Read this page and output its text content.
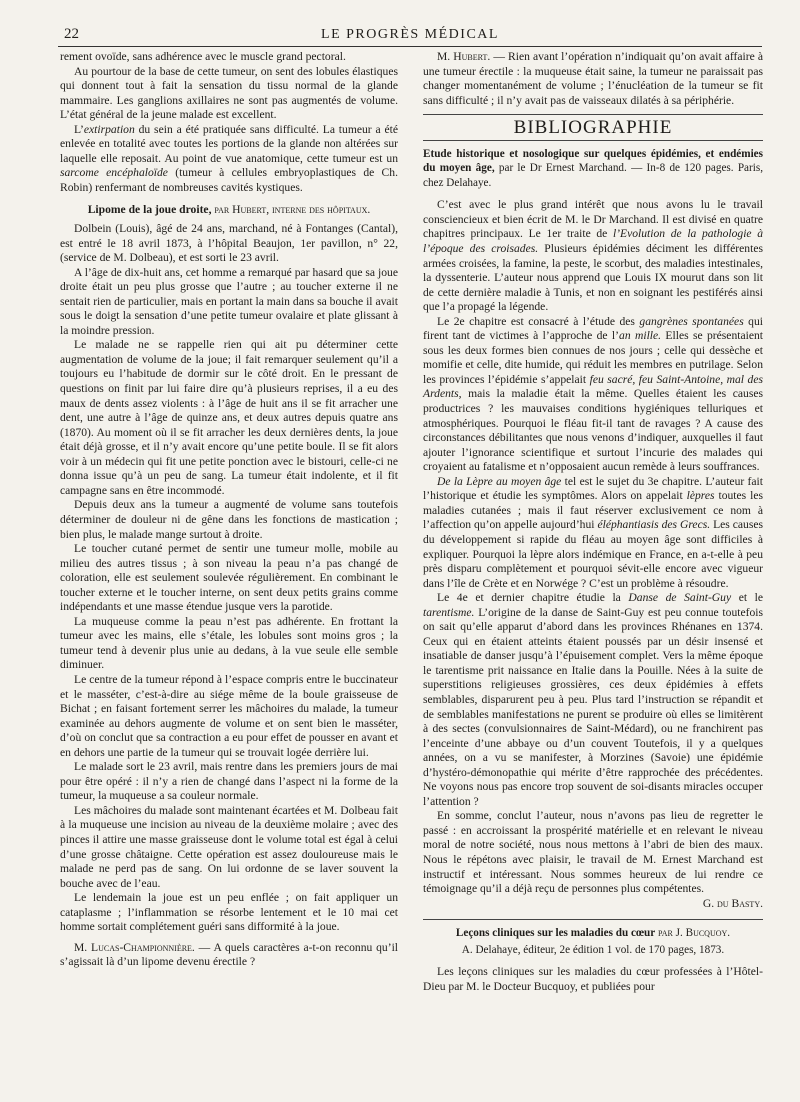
22	LE PROGRÈS MÉDICAL

rement ovoïde, sans adhérence avec le muscle grand pectoral.

Au pourtour de la base de cette tumeur, on sent des lobules élastiques qui donnent tout à fait la sensation du tissu normal de la glande mammaire. Les ganglions axillaires ne sont pas augmentés de volume. L’état général de la jeune malade est excellent.

L’extirpation du sein a été pratiquée sans difficulté. La tumeur a été enlevée en totalité avec toutes les portions de la glande non altérées sur laquelle elle reposait. Au point de vue anatomique, cette tumeur est un sarcome encéphaloïde (tumeur à cellules embryoplastiques de Ch. Robin) renfermant de nombreuses cavités kystiques.

Lipome de la joue droite, par Hubert, interne des hôpitaux.

Dolbein (Louis), âgé de 24 ans, marchand, né à Fontanges (Cantal), est entré le 18 avril 1873, à l’hôpital Beaujon, 1er pavillon, n° 22, (service de M. Dolbeau), et est sorti le 23 avril.

A l’âge de dix-huit ans, cet homme a remarqué par hasard que sa joue droite était un peu plus grosse que l’autre ; au toucher externe il ne sentait rien de particulier, mais en portant la main dans sa bouche il avait sous le doigt la sensation d’une petite tumeur ovalaire et plate glissant à la moindre pression.

Le malade ne se rappelle rien qui ait pu déterminer cette augmentation de volume de la joue; il fait remarquer seulement qu’il a toujours eu l’habitude de dormir sur le côté droit. En le pressant de questions on finit par lui faire dire qu’à plusieurs reprises, il a eu des maux de dents assez violents : à l’âge de huit ans il se fit arracher une dent, une autre à l’âge de quinze ans, et deux autres depuis quatre ans (1870). Au moment où il se fit arracher les deux dernières dents, la joue était déjà grosse, et il n’y avait encore qu’une petite boule. Il se fit alors voir à un médecin qui fit une petite ponction avec le bistouri, celle-ci ne donna issue qu’à un peu de sang. La tumeur était indolente, et il fit campagne sans en être incommodé.

Depuis deux ans la tumeur a augmenté de volume sans toutefois déterminer de douleur ni de gêne dans les fonctions de mastication ; bien plus, le malade mange surtout à droite.

Le toucher cutané permet de sentir une tumeur molle, mobile au milieu des autres tissus ; à son niveau la peau n’a pas changé de coloration, elle est seulement soulevée régulièrement. En combinant le toucher externe et le toucher interne, on sent deux petits grains comme indépendants et une masse étendue jusque vers la parotide.

La muqueuse comme la peau n’est pas adhérente. En frottant la tumeur avec les mains, elle s’étale, les lobules sont moins gros ; la tumeur tend à devenir plus unie au dedans, à la vue seule elle semble diminuer.

Le centre de la tumeur répond à l’espace compris entre le buccinateur et le masséter, c’est-à-dire au siége même de la boule graisseuse de Bichat ; en faisant fortement serrer les mâchoires du malade, la tumeur examinée au dehors augmente de volume et on sent bien le masséter, d’où on conclut que sa contraction a eu pour effet de pousser en avant et en dehors une partie de la tumeur qui se trouvait logée derrière lui.

Le malade sort le 23 avril, mais rentre dans les premiers jours de mai pour être opéré : il n’y a rien de changé dans l’aspect ni la forme de la tumeur, la muqueuse a sa couleur normale.

Les mâchoires du malade sont maintenant écartées et M. Dolbeau fait à la muqueuse une incision au niveau de la deuxième molaire ; avec des pinces il attire une masse graisseuse dont le volume total est égal à celui d’une grosse châtaigne. Cette opération est assez douloureuse mais le malade ne perd pas de sang. On lui ordonne de se laver souvent la bouche avec de l’eau.

Le lendemain la joue est un peu enflée ; on fait appliquer un cataplasme ; l’inflammation se résorbe lentement et le 10 mai cet homme sortait complétement guéri sans difformité à la joue.

M. Lucas-Championnière. — A quels caractères a-t-on reconnu qu’il s’agissait là d’un lipome devenu érectile ?

M. Hubert. — Rien avant l’opération n’indiquait qu’on avait affaire à une tumeur érectile : la muqueuse était saine, la tumeur ne paraissait pas changer momentanément de volume ; l’énucléation de la tumeur se fit sans difficulté ; il n’y avait pas de vaisseaux dilatés à sa périphérie.

BIBLIOGRAPHIE
Etude historique et nosologique sur quelques épidémies, et endémies du moyen âge, par le Dr Ernest Marchand. — In-8 de 120 pages. Paris, chez Delahaye.

C’est avec le plus grand intérêt que nous avons lu le travail consciencieux et bien écrit de M. le Dr Marchand. Il est divisé en quatre chapitres principaux. Le 1er traite de l’Evolution de la pathologie à l’époque des croisades. Plusieurs épidémies déciment les différentes armées croisées, la famine, la peste, le scorbut, des maladies intestinales, la dyssenterie. L’auteur nous apprend que Louis IX mourut dans son lit de cette dernière maladie à Tunis, et non en soignant les pestiférés ainsi que l’a propagé la légende.

Le 2e chapitre est consacré à l’étude des gangrènes spontanées qui firent tant de victimes à l’approche de l’an mille. Elles se présentaient sous les deux formes bien connues de nos jours ; celle qui dessèche et momifie et celle, dite humide, qui réduit les membres en putrilage. Selon les provinces l’épidémie s’appelait feu sacré, feu Saint-Antoine, mal des Ardents, mais la maladie était la même. Quelles étaient les causes productrices ? les mauvaises conditions hygiéniques telluriques et atmosphériques. Pourquoi le fléau fit-il tant de ravages ? A cause des circonstances débilitantes que nous venons d’indiquer, auxquelles il faut ajouter l’ignorance scientifique et surtout l’incurie des malades qui croyaient au fatalisme et n’opposaient aucun remède à leurs souffrances.

De la Lèpre au moyen âge tel est le sujet du 3e chapitre. L’auteur fait l’historique et étudie les symptômes. Alors on appelait lèpres toutes les maladies cutanées ; mais il faut réserver exclusivement ce nom à l’affection qu’on appelle aujourd’hui éléphantiasis des Grecs. Les causes du développement si rapide du fléau au moyen âge sont difficiles à expliquer. Pourquoi la lèpre alors indémique en France, en a-t-elle à peu près disparu complètement et pourquoi sévit-elle encore avec vigueur dans l’île de Crète et en Norwége ? C’est un problème à résoudre.

Le 4e et dernier chapitre étudie la Danse de Saint-Guy et le tarentisme. L’origine de la danse de Saint-Guy est peu connue toutefois on sait qu’elle apparut d’abord dans les provinces Rhénanes en 1374. Ceux qui en étaient atteints étaient poussés par un désir insensé et insatiable de danser jusqu’à l’épuisement complet. Vers la même époque le tarentisme prit naissance en Italie dans la Pouille. Nées à la suite de superstitions religieuses grossières, ces deux épidémies à effets semblables, disparurent peu à peu. Plus tard l’instruction se répandit et de semblables manifestations ne purent se produire où elles se limitèrent à des sectes (convulsionnaires de Saint-Médard), ou ne franchirent pas l’enceinte d’une abbaye ou d’un couvent Toutefois, il y a quelques années, on a vu se manifester, à Morzines (Savoie) une épidémie d’hystéro-démonopathie qui mérite d’être rapprochée des précédentes. Ne voyons nous pas encore trop souvent de soi-disants miracles occuper l’attention ?

En somme, conclut l’auteur, nous n’avons pas lieu de regretter le passé : en accroissant la prospérité matérielle et en relevant le niveau moral de notre société, nous nous mettons à l’abri de bien des maux. Nous le répétons avec plaisir, le travail de M. Ernest Marchand est instructif et intéressant. Nous sommes heureux de lui rendre ce témoignage qu’il a déjà reçu de personnes plus compétentes.

G. du Basty.
Leçons cliniques sur les maladies du cœur par J. Bucquoy.
A. Delahaye, éditeur, 2e édition 1 vol. de 170 pages, 1873.

Les leçons cliniques sur les maladies du cœur professées à l’Hôtel-Dieu par M. le Docteur Bucquoy, et publiées pour
